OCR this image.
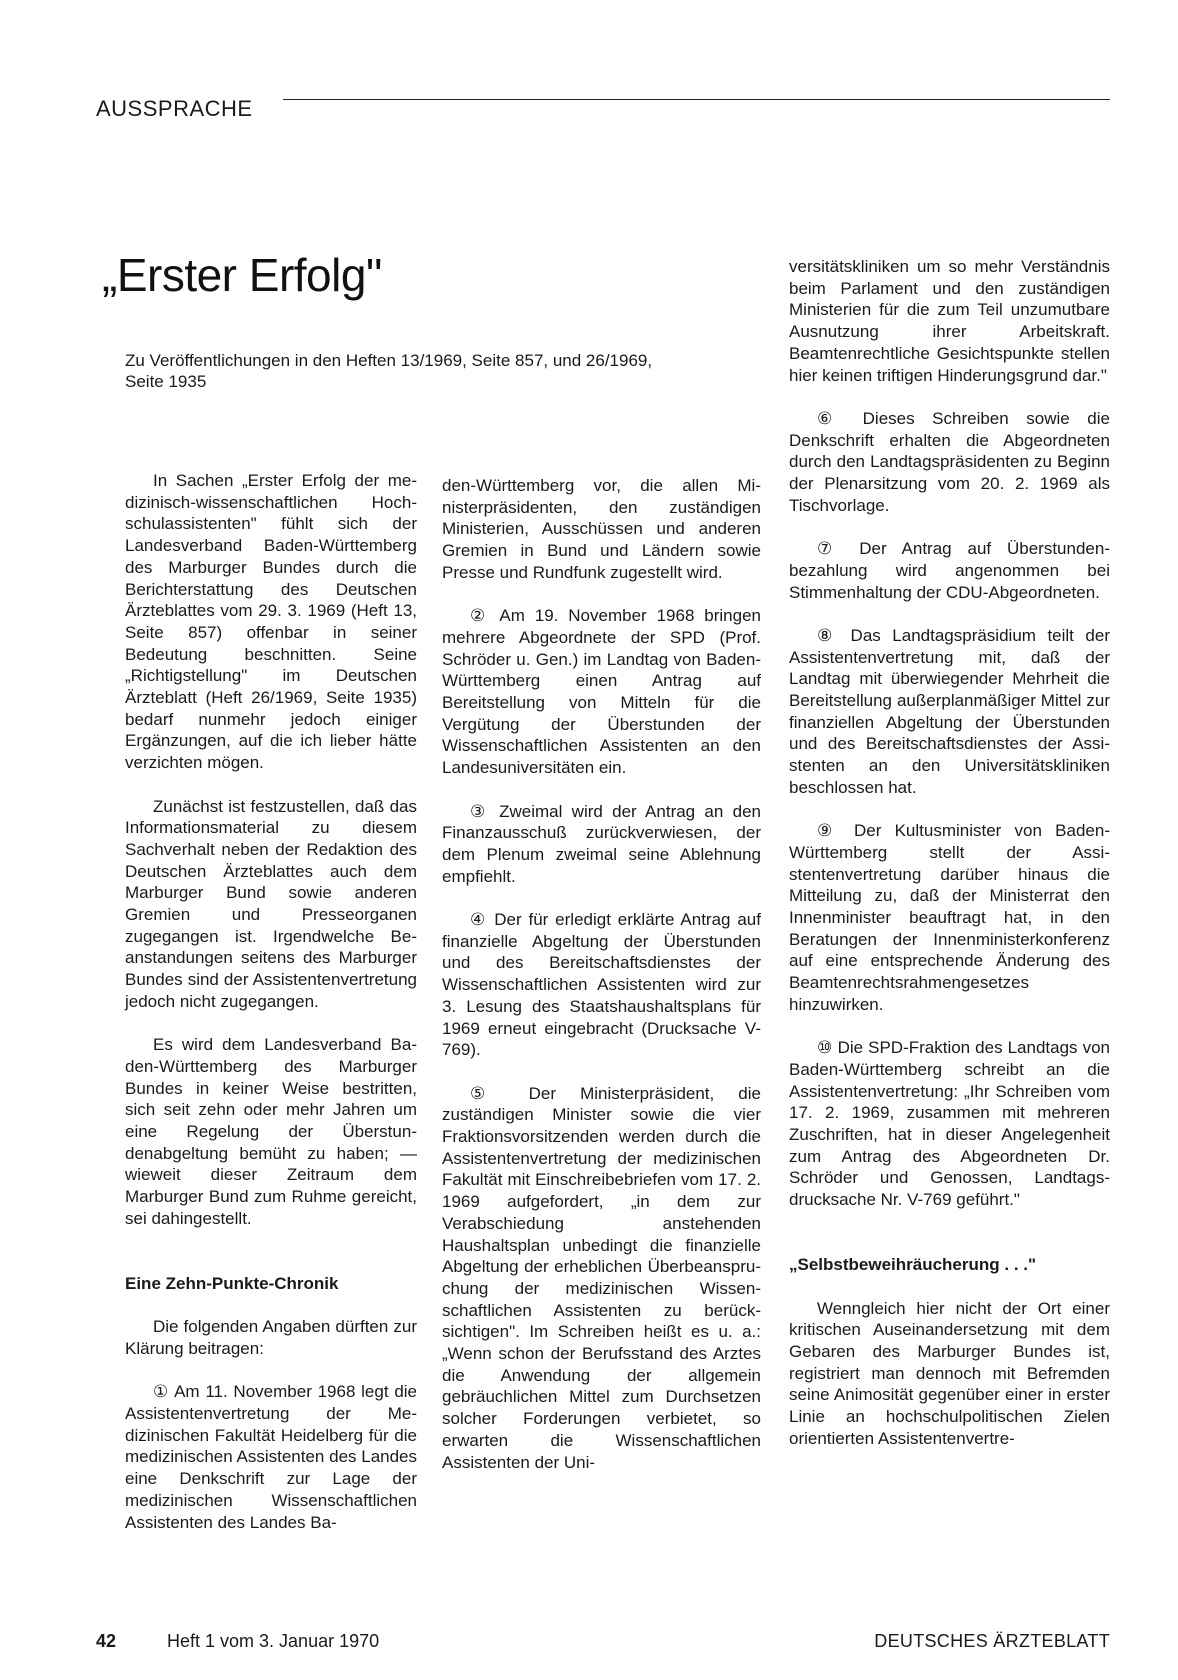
AUSSPRACHE
„Erster Erfolg"
Zu Veröffentlichungen in den Heften 13/1969, Seite 857, und 26/1969, Seite 1935

In Sachen „Erster Erfolg der medizinisch-wissenschaftlichen Hochschulassistenten" fühlt sich der Landesverband Baden-Württemberg des Marburger Bundes durch die Berichterstattung des Deutschen Ärzteblattes vom 29. 3. 1969 (Heft 13, Seite 857) offenbar in seiner Bedeutung beschnitten. Seine „Richtigstellung" im Deutschen Ärzteblatt (Heft 26/1969, Seite 1935) bedarf nunmehr jedoch einiger Ergänzungen, auf die ich lieber hätte verzichten mögen.

Zunächst ist festzustellen, daß das Informationsmaterial zu diesem Sachverhalt neben der Redaktion des Deutschen Ärzteblattes auch dem Marburger Bund sowie anderen Gremien und Presseorganen zugegangen ist. Irgendwelche Beanstandungen seitens des Marburger Bundes sind der Assistentenvertretung jedoch nicht zugegangen.

Es wird dem Landesverband Baden-Württemberg des Marburger Bundes in keiner Weise bestritten, sich seit zehn oder mehr Jahren um eine Regelung der Überstundenabgeltung bemüht zu haben; — wieweit dieser Zeitraum dem Marburger Bund zum Ruhme gereicht, sei dahingestellt.

Eine Zehn-Punkte-Chronik

Die folgenden Angaben dürften zur Klärung beitragen:

① Am 11. November 1968 legt die Assistentenvertretung der Medizinischen Fakultät Heidelberg für die medizinischen Assistenten des Landes eine Denkschrift zur Lage der medizinischen Wissenschaftlichen Assistenten des Landes Ba-

den-Württemberg vor, die allen Ministerpräsidenten, den zuständigen Ministerien, Ausschüssen und anderen Gremien in Bund und Ländern sowie Presse und Rundfunk zugestellt wird.

② Am 19. November 1968 bringen mehrere Abgeordnete der SPD (Prof. Schröder u. Gen.) im Landtag von Baden-Württemberg einen Antrag auf Bereitstellung von Mitteln für die Vergütung der Überstunden der Wissenschaftlichen Assistenten an den Landesuniversitäten ein.

③ Zweimal wird der Antrag an den Finanzausschuß zurückverwiesen, der dem Plenum zweimal seine Ablehnung empfiehlt.

④ Der für erledigt erklärte Antrag auf finanzielle Abgeltung der Überstunden und des Bereitschaftsdienstes der Wissenschaftlichen Assistenten wird zur 3. Lesung des Staatshaushaltsplans für 1969 erneut eingebracht (Drucksache V-769).

⑤ Der Ministerpräsident, die zuständigen Minister sowie die vier Fraktionsvorsitzenden werden durch die Assistentenvertretung der medizinischen Fakultät mit Einschreibebriefen vom 17. 2. 1969 aufgefordert, „in dem zur Verabschiedung anstehenden Haushaltsplan unbedingt die finanzielle Abgeltung der erheblichen Überbeanspruchung der medizinischen Wissenschaftlichen Assistenten zu berücksichtigen". Im Schreiben heißt es u. a.: „Wenn schon der Berufsstand des Arztes die Anwendung der allgemein gebräuchlichen Mittel zum Durchsetzen solcher Forderungen verbietet, so erwarten die Wissenschaftlichen Assistenten der Uni-

versitätskliniken um so mehr Verständnis beim Parlament und den zuständigen Ministerien für die zum Teil unzumutbare Ausnutzung ihrer Arbeitskraft. Beamtenrechtliche Gesichtspunkte stellen hier keinen triftigen Hinderungsgrund dar."

⑥ Dieses Schreiben sowie die Denkschrift erhalten die Abgeordneten durch den Landtagspräsidenten zu Beginn der Plenarsitzung vom 20. 2. 1969 als Tischvorlage.

⑦ Der Antrag auf Überstundenbezahlung wird angenommen bei Stimmenhaltung der CDU-Abgeordneten.

⑧ Das Landtagspräsidium teilt der Assistentenvertretung mit, daß der Landtag mit überwiegender Mehrheit die Bereitstellung außerplanmäßiger Mittel zur finanziellen Abgeltung der Überstunden und des Bereitschaftsdienstes der Assistenten an den Universitätskliniken beschlossen hat.

⑨ Der Kultusminister von Baden-Württemberg stellt der Assistentenvertretung darüber hinaus die Mitteilung zu, daß der Ministerrat den Innenminister beauftragt hat, in den Beratungen der Innenministerkonferenz auf eine entsprechende Änderung des Beamtenrechtsrahmengesetzes hinzuwirken.

⑩ Die SPD-Fraktion des Landtags von Baden-Württemberg schreibt an die Assistentenvertretung: „Ihr Schreiben vom 17. 2. 1969, zusammen mit mehreren Zuschriften, hat in dieser Angelegenheit zum Antrag des Abgeordneten Dr. Schröder und Genossen, Landtagsdrucksache Nr. V-769 geführt."

„Selbstbeweihräucherung . . ."

Wenngleich hier nicht der Ort einer kritischen Auseinandersetzung mit dem Gebaren des Marburger Bundes ist, registriert man dennoch mit Befremden seine Animosität gegenüber einer in erster Linie an hochschulpolitischen Zielen orientierten Assistentenvertre-

42	Heft 1 vom 3. Januar 1970	DEUTSCHES ÄRZTEBLATT
